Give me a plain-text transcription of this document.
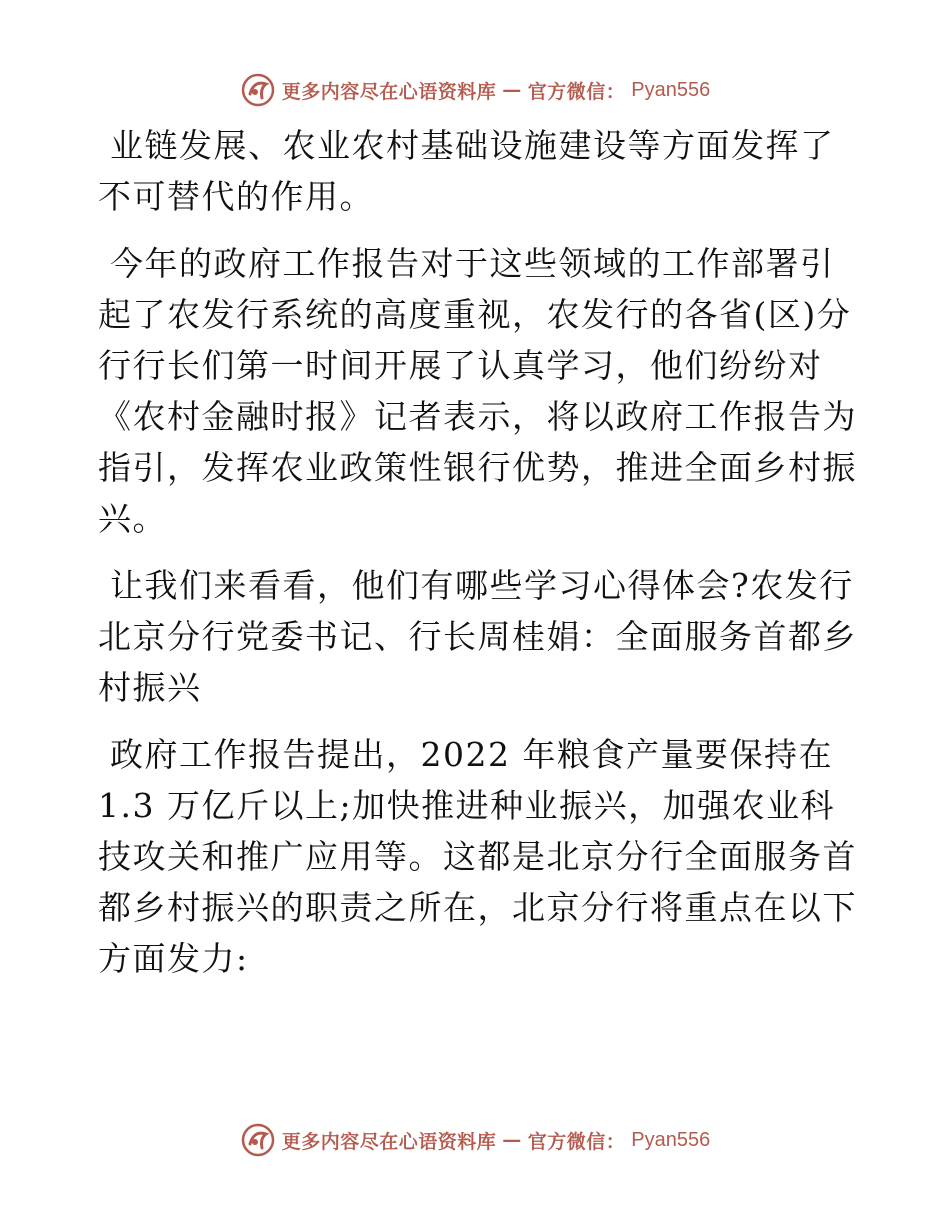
更多内容尽在心语资料库 — 官方微信： Pyan556

业链发展、农业农村基础设施建设等方面发挥了不可替代的作用。

今年的政府工作报告对于这些领域的工作部署引起了农发行系统的高度重视，农发行的各省(区)分行行长们第一时间开展了认真学习，他们纷纷对《农村金融时报》记者表示，将以政府工作报告为指引，发挥农业政策性银行优势，推进全面乡村振兴。

让我们来看看，他们有哪些学习心得体会?农发行北京分行党委书记、行长周桂娟：全面服务首都乡村振兴

政府工作报告提出，2022 年粮食产量要保持在1.3 万亿斤以上;加快推进种业振兴，加强农业科技攻关和推广应用等。这都是北京分行全面服务首都乡村振兴的职责之所在，北京分行将重点在以下方面发力:

更多内容尽在心语资料库 — 官方微信： Pyan556
